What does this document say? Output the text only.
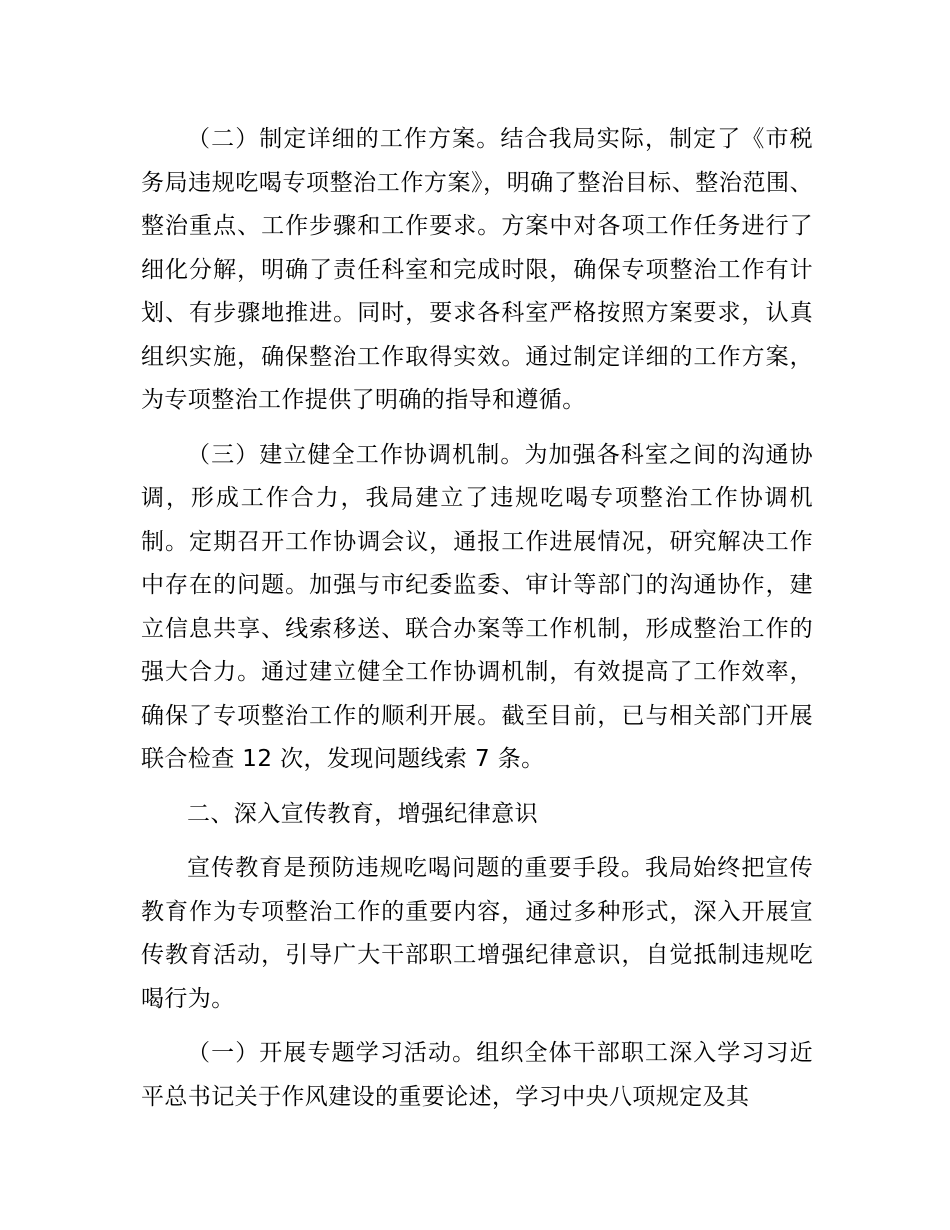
（二）制定详细的工作方案。结合我局实际，制定了《市税务局违规吃喝专项整治工作方案》，明确了整治目标、整治范围、整治重点、工作步骤和工作要求。方案中对各项工作任务进行了细化分解，明确了责任科室和完成时限，确保专项整治工作有计划、有步骤地推进。同时，要求各科室严格按照方案要求，认真组织实施，确保整治工作取得实效。通过制定详细的工作方案，为专项整治工作提供了明确的指导和遵循。

（三）建立健全工作协调机制。为加强各科室之间的沟通协调，形成工作合力，我局建立了违规吃喝专项整治工作协调机制。定期召开工作协调会议，通报工作进展情况，研究解决工作中存在的问题。加强与市纪委监委、审计等部门的沟通协作，建立信息共享、线索移送、联合办案等工作机制，形成整治工作的强大合力。通过建立健全工作协调机制，有效提高了工作效率，确保了专项整治工作的顺利开展。截至目前，已与相关部门开展联合检查 12 次，发现问题线索 7 条。

二、深入宣传教育，增强纪律意识

宣传教育是预防违规吃喝问题的重要手段。我局始终把宣传教育作为专项整治工作的重要内容，通过多种形式，深入开展宣传教育活动，引导广大干部职工增强纪律意识，自觉抵制违规吃喝行为。

（一）开展专题学习活动。组织全体干部职工深入学习习近平总书记关于作风建设的重要论述，学习中央八项规定及其
